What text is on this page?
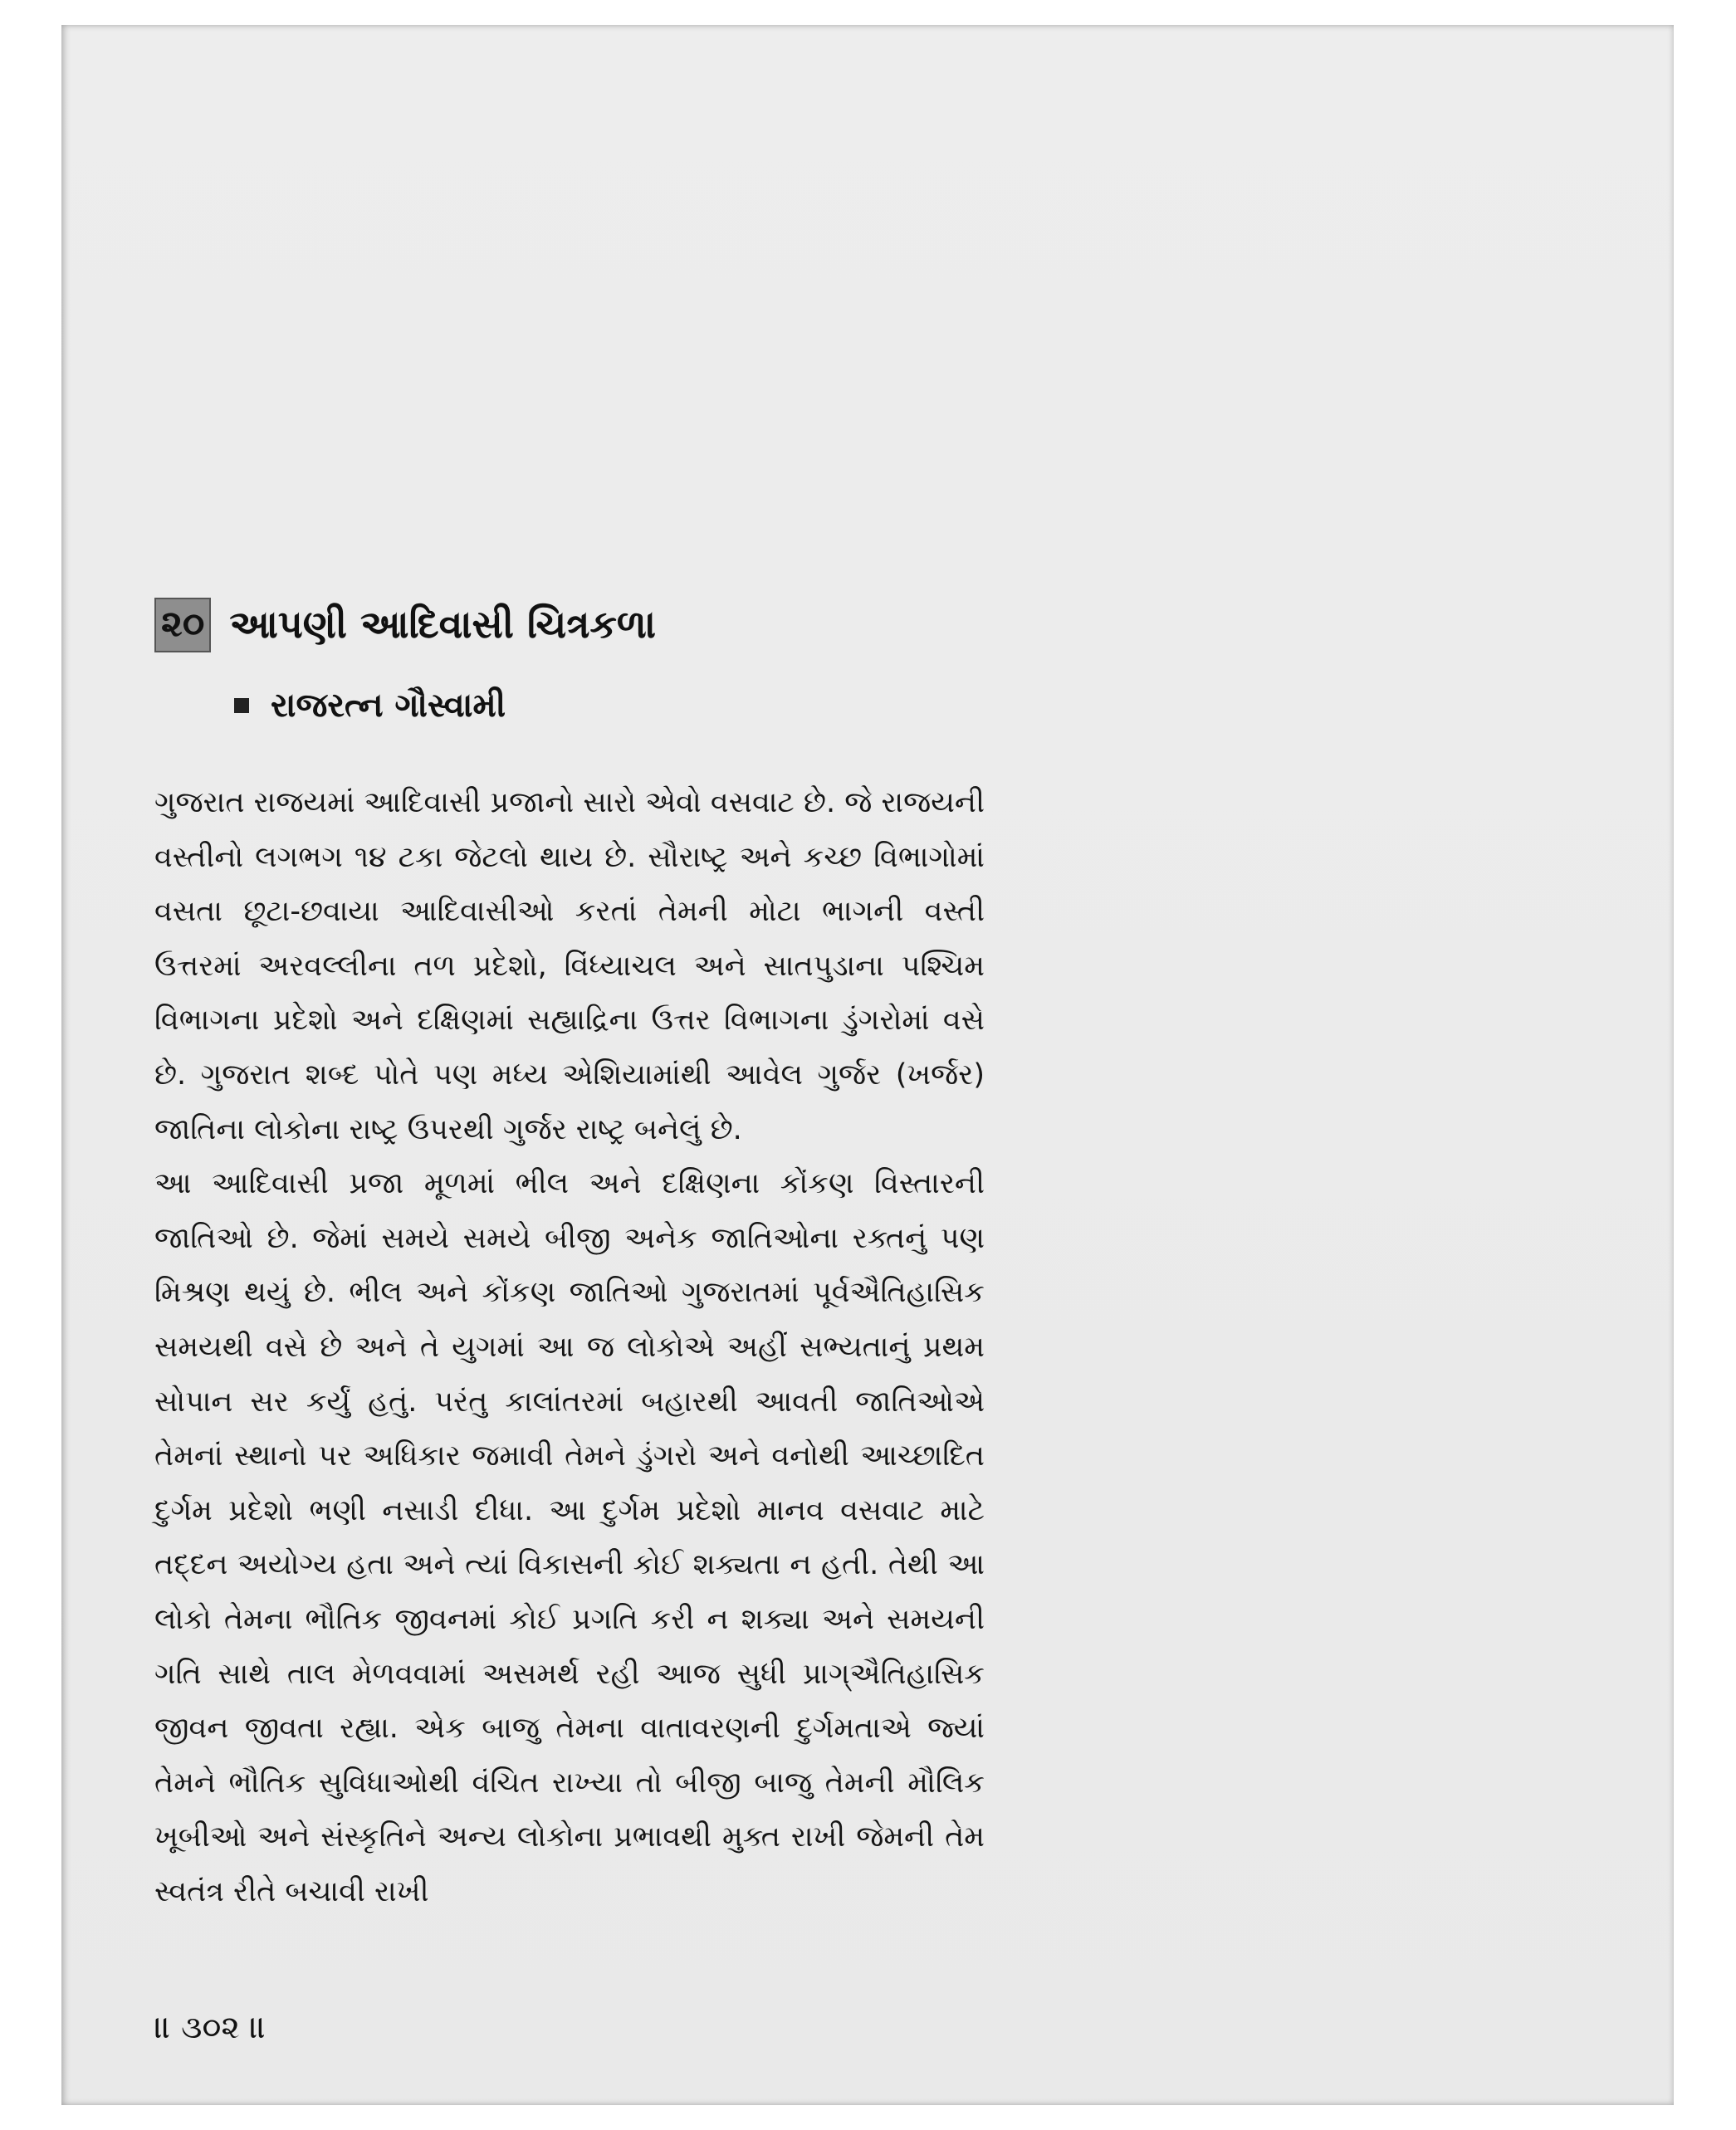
૨૦ આપણી આદિવાસી ચિત્રકળા
રાજરત્ન ગૌસ્વામી

ગુજરાત રાજયમાં આદિવાસી પ્રજાનો સારો એવો વસવાટ છે. જે રાજયની વસ્તીનો લગભગ ૧૪ ટકા જેટલો થાય છે. સૌરાષ્ટ્ર અને કચ્છ વિભાગોમાં વસતા છૂટા-છવાયા આદિવાસીઓ કરતાં તેમની મોટા ભાગની વસ્તી ઉત્તરમાં અરવલ્લીના તળ પ્રદેશો, વિંધ્યાચલ અને સાતપુડાના પશ્ચિમ વિભાગના પ્રદેશો અને દક્ષિણમાં સહ્યાદ્રિના ઉત્તર વિભાગના ડુંગરોમાં વસે છે. ગુજરાત શબ્દ પોતે પણ મધ્ય એશિયામાંથી આવેલ ગુર્જર (ખર્જર) જાતિના લોકોના રાષ્ટ્ર ઉપરથી ગુર્જર રાષ્ટ્ર બનેલું છે.

આ આદિવાસી પ્રજા મૂળમાં ભીલ અને દક્ષિણના કોંકણ વિસ્તારની જાતિઓ છે. જેમાં સમયે સમયે બીજી અનેક જાતિઓના રક્તનું પણ મિશ્રણ થયું છે. ભીલ અને કોંકણ જાતિઓ ગુજરાતમાં પૂર્વઐતિહાસિક સમયથી વસે છે અને તે યુગમાં આ જ લોકોએ અહીં સભ્યતાનું પ્રથમ સોપાન સર કર્યું હતું. પરંતુ કાલાંતરમાં બહારથી આવતી જાતિઓએ તેમનાં સ્થાનો પર અધિકાર જમાવી તેમને ડુંગરો અને વનોથી આચ્છાદિત દુર્ગમ પ્રદેશો ભણી નસાડી દીધા. આ દુર્ગમ પ્રદેશો માનવ વસવાટ માટે તદ્દન અયોગ્ય હતા અને ત્યાં વિકાસની કોઈ શક્યતા ન હતી. તેથી આ લોકો તેમના ભૌતિક જીવનમાં કોઈ પ્રગતિ કરી ન શક્યા અને સમયની ગતિ સાથે તાલ મેળવવામાં અસમર્થ રહી આજ સુધી પ્રાગ્ઐતિહાસિક જીવન જીવતા રહ્યા. એક બાજુ તેમના વાતાવરણની દુર્ગમતાએ જ્યાં તેમને ભૌતિક સુવિધાઓથી વંચિત રાખ્યા તો બીજી બાજુ તેમની મૌલિક ખૂબીઓ અને સંસ્કૃતિને અન્ય લોકોના પ્રભાવથી મુક્ત રાખી જેમની તેમ સ્વતંત્ર રીતે બચાવી રાખી

॥ ૩૦૨ ॥
